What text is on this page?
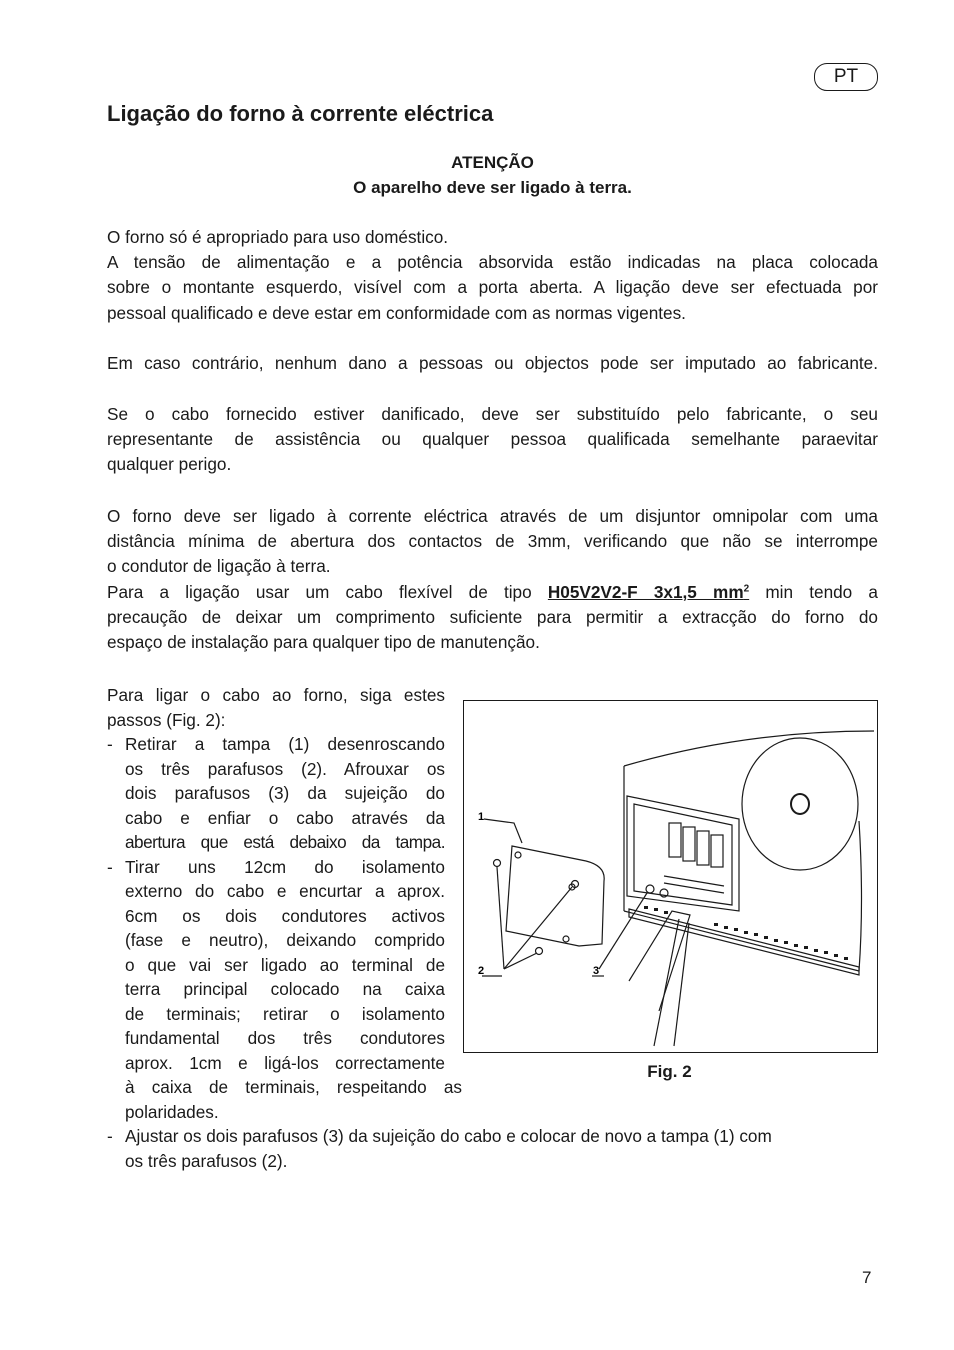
PT
Ligação do forno à corrente eléctrica
ATENÇÃO
O aparelho deve ser ligado à terra.
O forno só é apropriado para uso doméstico.
A tensão de alimentação e a potência absorvida estão indicadas na placa colocada
sobre o montante esquerdo, visível com a porta aberta. A ligação deve ser efectuada por
pessoal qualificado e deve estar em conformidade com as normas vigentes.
Em caso contrário, nenhum dano a pessoas ou objectos pode ser imputado ao fabricante.
Se o cabo fornecido estiver danificado, deve ser substituído pelo fabricante, o seu
representante de assistência ou qualquer pessoa qualificada semelhante paraevitar
qualquer perigo.
O forno deve ser ligado à corrente eléctrica através de um disjuntor omnipolar com uma
distância mínima de abertura dos contactos de 3mm, verificando que não se interrompe
o condutor de ligação à terra.
Para a ligação usar um cabo flexível de tipo H05V2V2-F 3x1,5 $mm^2$ min tendo a
precaução de deixar um comprimento suficiente para permitir a extracção do forno do
espaço de instalação para qualquer tipo de manutenção.
Para ligar o cabo ao forno, siga estes
passos (Fig. 2):
- Retirar a tampa (1) desenroscando
os três parafusos (2). Afrouxar os
dois parafusos (3) da sujeição do
cabo e enfiar o cabo através da
abertura que está debaixo da tampa.
- Tirar uns 12cm do isolamento
externo do cabo e encurtar a aprox.
6cm os dois condutores activos
(fase e neutro), deixando comprido
o que vai ser ligado ao terminal de
terra principal colocado na caixa
de terminais; retirar o isolamento
fundamental dos três condutores
aprox. 1cm e ligá-los correctamente
à caixa de terminais, respeitando as
polaridades.
- Ajustar os dois parafusos (3) da sujeição do cabo e colocar de novo a tampa (1) com
os três parafusos (2).
1
2	3
Fig. 2
7
